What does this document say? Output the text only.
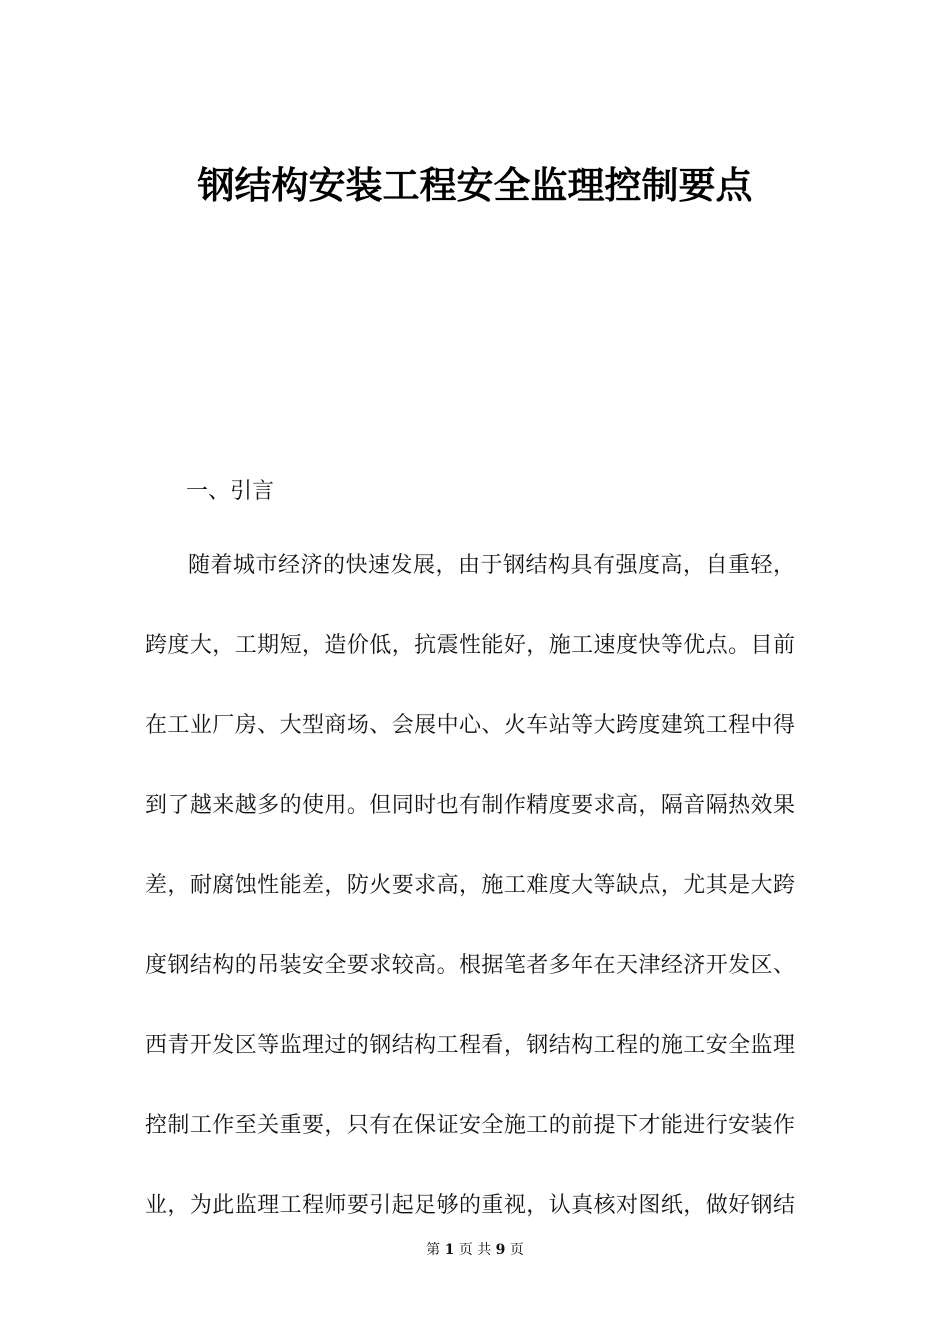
钢结构安装工程安全监理控制要点

一、引言

随着城市经济的快速发展，由于钢结构具有强度高，自重轻，
跨度大，工期短，造价低，抗震性能好，施工速度快等优点。目前
在工业厂房、大型商场、会展中心、火车站等大跨度建筑工程中得
到了越来越多的使用。但同时也有制作精度要求高，隔音隔热效果
差，耐腐蚀性能差，防火要求高，施工难度大等缺点，尤其是大跨
度钢结构的吊装安全要求较高。根据笔者多年在天津经济开发区、
西青开发区等监理过的钢结构工程看，钢结构工程的施工安全监理
控制工作至关重要，只有在保证安全施工的前提下才能进行安装作
业，为此监理工程师要引起足够的重视，认真核对图纸，做好钢结

第 1 页 共 9 页
